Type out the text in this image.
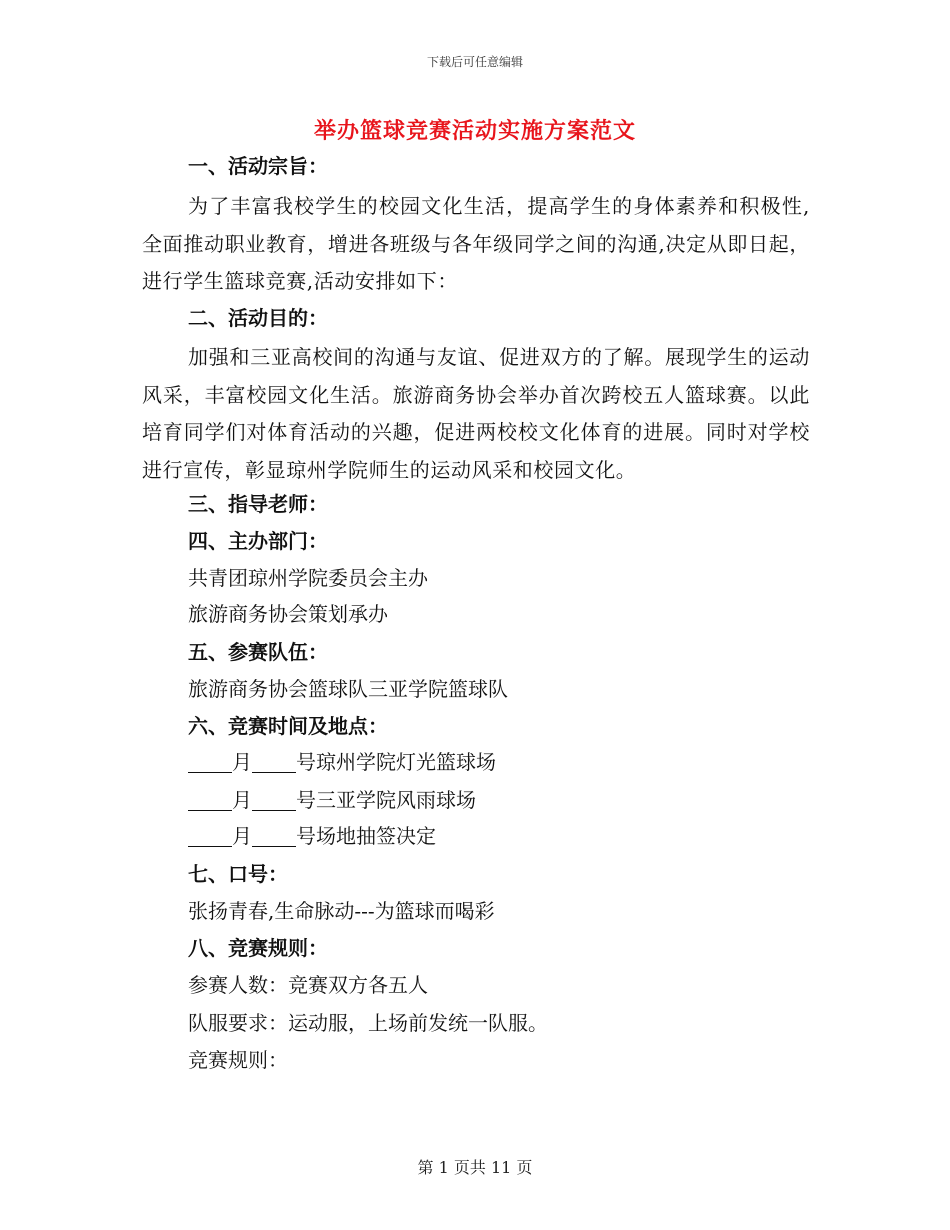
下载后可任意编辑
举办篮球竞赛活动实施方案范文
一、活动宗旨：
为了丰富我校学生的校园文化生活，提高学生的身体素养和积极性,全面推动职业教育，增进各班级与各年级同学之间的沟通,决定从即日起，进行学生篮球竞赛,活动安排如下：
二、活动目的：
加强和三亚高校间的沟通与友谊、促进双方的了解。展现学生的运动风采，丰富校园文化生活。旅游商务协会举办首次跨校五人篮球赛。以此培育同学们对体育活动的兴趣，促进两校校文化体育的进展。同时对学校进行宣传，彰显琼州学院师生的运动风采和校园文化。
三、指导老师：
四、主办部门：
共青团琼州学院委员会主办
旅游商务协会策划承办
五、参赛队伍：
旅游商务协会篮球队三亚学院篮球队
六、竞赛时间及地点：
月 号琼州学院灯光篮球场
月 号三亚学院风雨球场
月 号场地抽签决定
七、口号：
张扬青春,生命脉动---为篮球而喝彩
八、竞赛规则：
参赛人数：竞赛双方各五人
队服要求：运动服，上场前发统一队服。
竞赛规则：
第 1 页共 11 页
